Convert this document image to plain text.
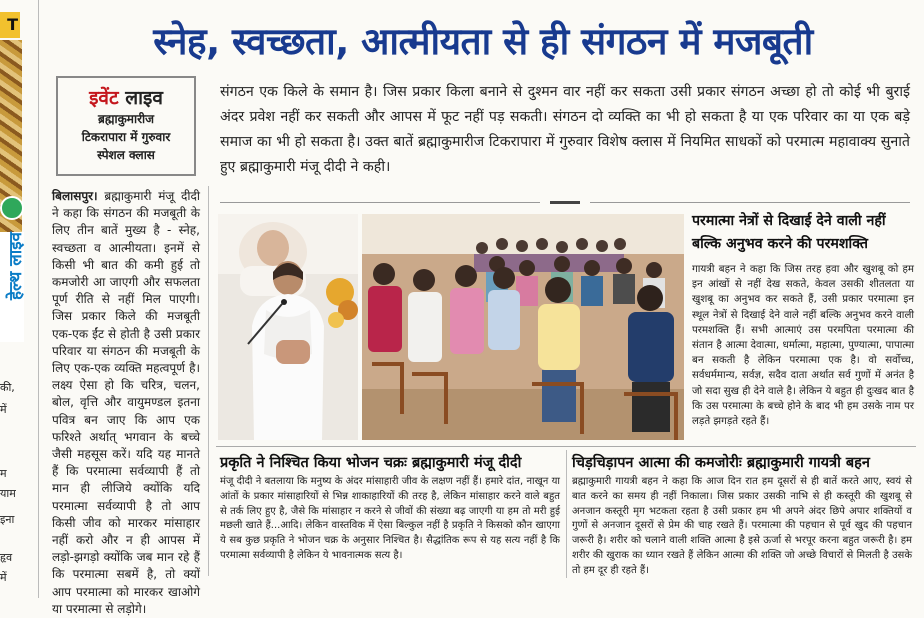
T
हेल्थ लाइव
की,
में
म
याम
इना
हृव
में
स्नेह, स्वच्छता, आत्मीयता से ही संगठन में मजबूती
इवेंट लाइव
ब्रह्माकुमारीज
टिकरापारा में गुरुवार
स्पेशल क्लास
संगठन एक किले के समान है। जिस प्रकार किला बनाने से दुश्मन वार नहीं कर सकता उसी प्रकार संगठन अच्छा हो तो कोई भी बुराई अंदर प्रवेश नहीं कर सकती और आपस में फूट नहीं पड़ सकती। संगठन दो व्यक्ति का भी हो सकता है या एक परिवार का या एक बड़े समाज का भी हो सकता है। उक्त बातें ब्रह्माकुमारीज टिकरापारा में गुरुवार विशेष क्लास में नियमित साधकों को परमात्म महावाक्य सुनाते हुए ब्रह्माकुमारी मंजू दीदी ने कही।
बिलासपुर। ब्रह्माकुमारी मंजू दीदी ने कहा कि संगठन की मजबूती के लिए तीन बातें मुख्य है - स्नेह, स्वच्छता व आत्मीयता। इनमें से किसी भी बात की कमी हुई तो कमजोरी आ जाएगी और सफलता पूर्ण रीति से नहीं मिल पाएगी। जिस प्रकार किले की मजबूती एक-एक ईंट से होती है उसी प्रकार परिवार या संगठन की मजबूती के लिए एक-एक व्यक्ति महत्वपूर्ण है। लक्ष्य ऐसा हो कि चरित्र, चलन, बोल, वृत्ति और वायुमण्डल इतना पवित्र बन जाए कि आप एक फरिश्ते अर्थात् भगवान के बच्चे जैसी महसूस करें। यदि यह मानते हैं कि परमात्मा सर्वव्यापी हैं तो मान ही लीजिये क्योंकि यदि परमात्मा सर्वव्यापी है तो आप किसी जीव को मारकर मांसाहार नहीं करो और न ही आपस में लड़ो-झगड़ो क्योंकि जब मान रहे हैं कि परमात्मा सबमें है, तो क्यों आप परमात्मा को मारकर खाओगे या परमात्मा से लड़ोगे।
परमात्मा नेत्रों से दिखाई देने वाली नहीं बल्कि अनुभव करने की परमशक्ति
गायत्री बहन ने कहा कि जिस तरह हवा और खुशबू को हम इन आंखों से नहीं देख सकते, केवल उसकी शीतलता या खुशबू का अनुभव कर सकते हैं, उसी प्रकार परमात्मा इन स्थूल नेत्रों से दिखाई देने वाले नहीं बल्कि अनुभव करने वाली परमशक्ति हैं। सभी आत्माएं उस परमपिता परमात्मा की संतान है आत्मा देवात्मा, धर्मात्मा, महात्मा, पुण्यात्मा, पापात्मा बन सकती है लेकिन परमात्मा एक है। वो सर्वोच्च, सर्वधर्ममान्य, सर्वज्ञ, सदैव दाता अर्थात सर्व गुणों में अनंत है जो सदा सुख ही देने वाले है। लेकिन ये बहुत ही दुःखद बात है कि उस परमात्मा के बच्चे होने के बाद भी हम उसके नाम पर लड़ते झगड़ते रहते हैं।
प्रकृति ने निश्चित किया भोजन चक्रः ब्रह्माकुमारी मंजू दीदी	चिड़चिड़ापन आत्मा की कमजोरीः ब्रह्माकुमारी गायत्री बहन
मंजू दीदी ने बतलाया कि मनुष्य के अंदर मांसाहारी जीव के लक्षण नहीं हैं। हमारे दांत, नाखून या आंतों के प्रकार मांसाहारियों से भिन्न शाकाहारियों की तरह है, लेकिन मांसाहार करने वाले बहुत से तर्क लिए हुए है, जैसे कि मांसाहार न करने से जीवों की संख्या बढ़ जाएगी या हम तो मरी हुई मछली खाते हैं...आदि। लेकिन वास्तविक में ऐसा बिल्कुल नहीं है प्रकृति ने किसको कौन खाएगा ये सब कुछ प्रकृति ने भोजन चक्र के अनुसार निश्चित है। सैद्धांतिक रूप से यह सत्य नहीं है कि परमात्मा सर्वव्यापी है लेकिन ये भावनात्मक सत्य है।
ब्रह्माकुमारी गायत्री बहन ने कहा कि आज दिन रात हम दूसरों से ही बातें करते आए, स्वयं से बात करने का समय ही नहीं निकाला। जिस प्रकार उसकी नाभि से ही कस्तूरी की खुशबू से अनजान कस्तूरी मृग भटकता रहता है उसी प्रकार हम भी अपने अंदर छिपे अपार शक्तियों व गुणों से अनजान दूसरों से प्रेम की चाह रखते हैं। परमात्मा की पहचान से पूर्व खुद की पहचान जरूरी है। शरीर को चलाने वाली शक्ति आत्मा है इसे ऊर्जा से भरपूर करना बहुत जरूरी है। हम शरीर की खुराक का ध्यान रखते हैं लेकिन आत्मा की शक्ति जो अच्छे विचारों से मिलती है उसके तो हम दूर ही रहते हैं।
